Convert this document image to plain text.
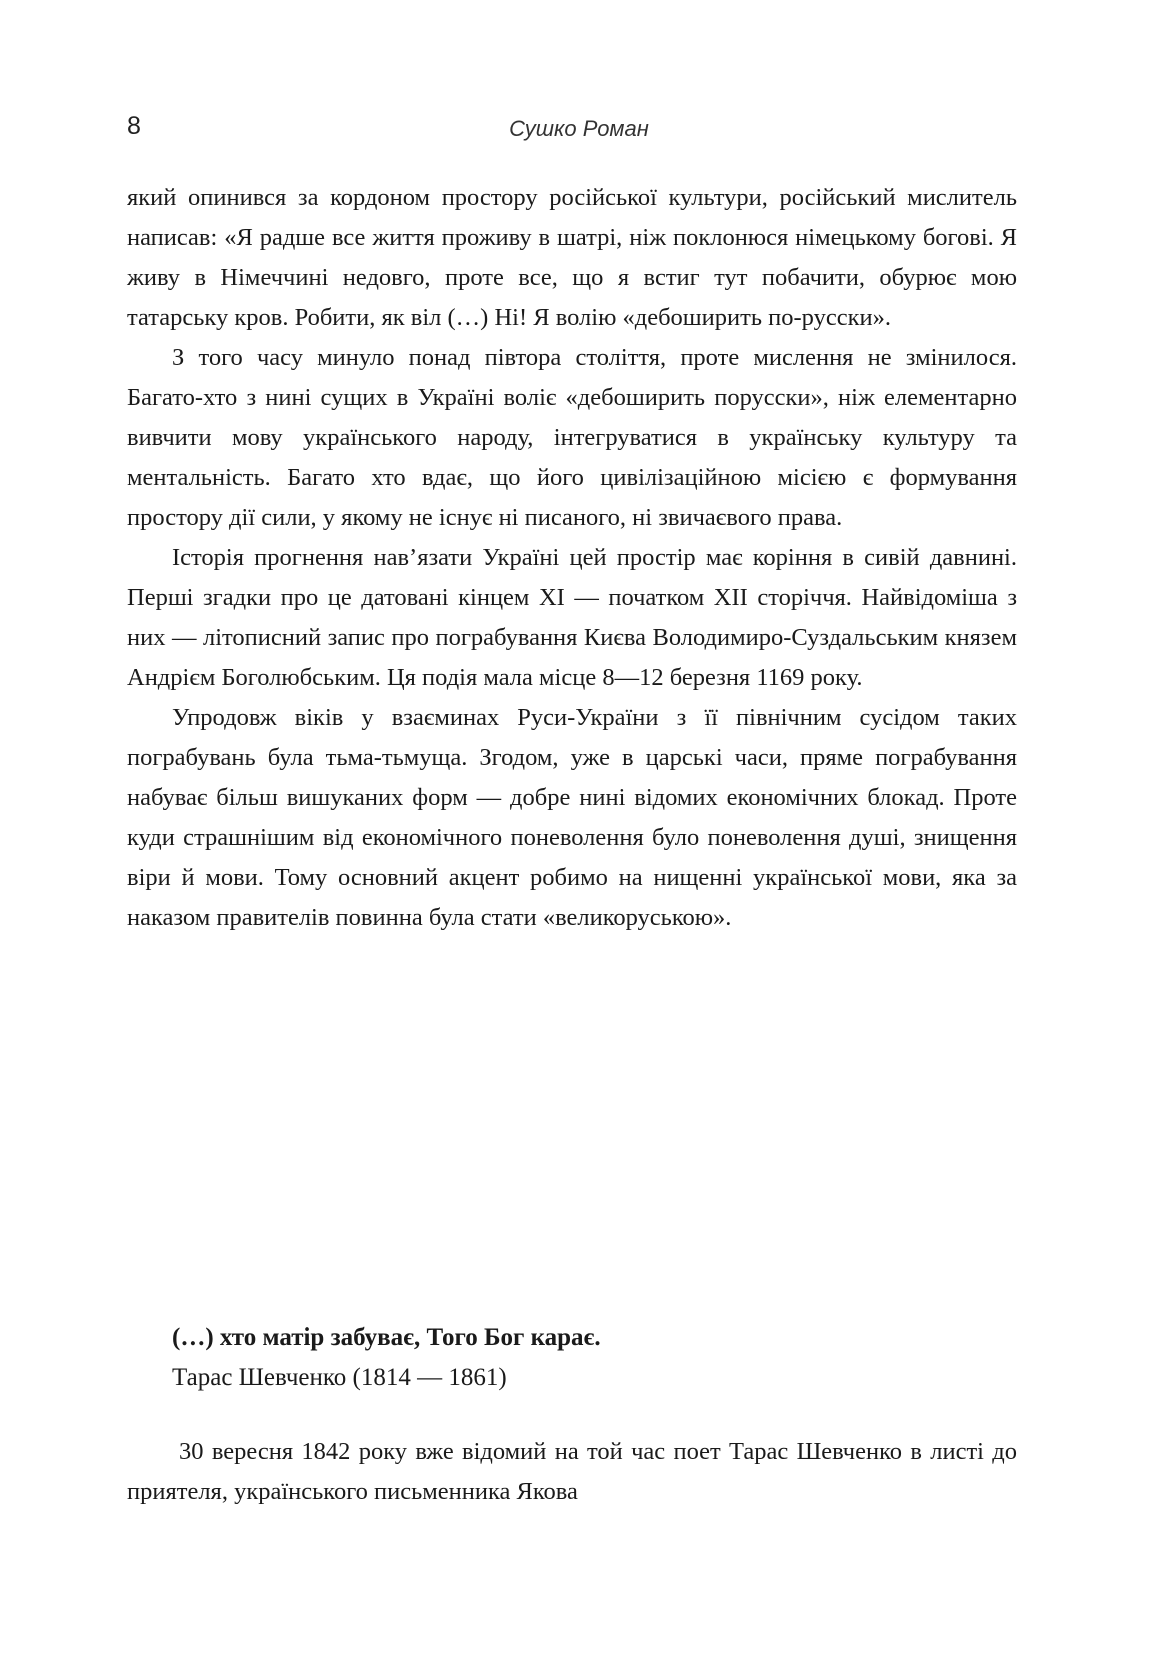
8	Сушко Роман

який опинився за кордоном простору російської культури, російський мислитель написав: «Я радше все життя проживу в шатрі, ніж поклонюся німецькому богові. Я живу в Німеччині недовго, проте все, що я встиг тут побачити, обурює мою татарську кров. Робити, як віл (…) Ні! Я волію «дебоширить по-русски».

З того часу минуло понад півтора століття, проте мислення не змінилося. Багато-хто з нині сущих в Україні воліє «дебоширить порусски», ніж елементарно вивчити мову українського народу, інтегруватися в українську культуру та ментальність. Багато хто вдає, що його цивілізаційною місією є формування простору дії сили, у якому не існує ні писаного, ні звичаєвого права.

Історія прогнення нав’язати Україні цей простір має коріння в сивій давнині. Перші згадки про це датовані кінцем XI — початком XII сторіччя. Найвідоміша з них — літописний запис про пограбування Києва Володимиро-Суздальським князем Андрієм Боголюбським. Ця подія мала місце 8—12 березня 1169 року.

Упродовж віків у взаєминах Руси-України з її північним сусідом таких пограбувань була тьма-тьмуща. Згодом, уже в царські часи, пряме пограбування набуває більш вишуканих форм — добре нині відомих економічних блокад. Проте куди страшнішим від економічного поневолення було поневолення душі, знищення віри й мови. Тому основний акцент робимо на нищенні української мови, яка за наказом правителів повинна була стати «великоруською».

(…) хто матір забуває, Того Бог карає.
Тарас Шевченко (1814 — 1861)

30 вересня 1842 року вже відомий на той час поет Тарас Шевченко в листі до приятеля, українського письменника Якова
